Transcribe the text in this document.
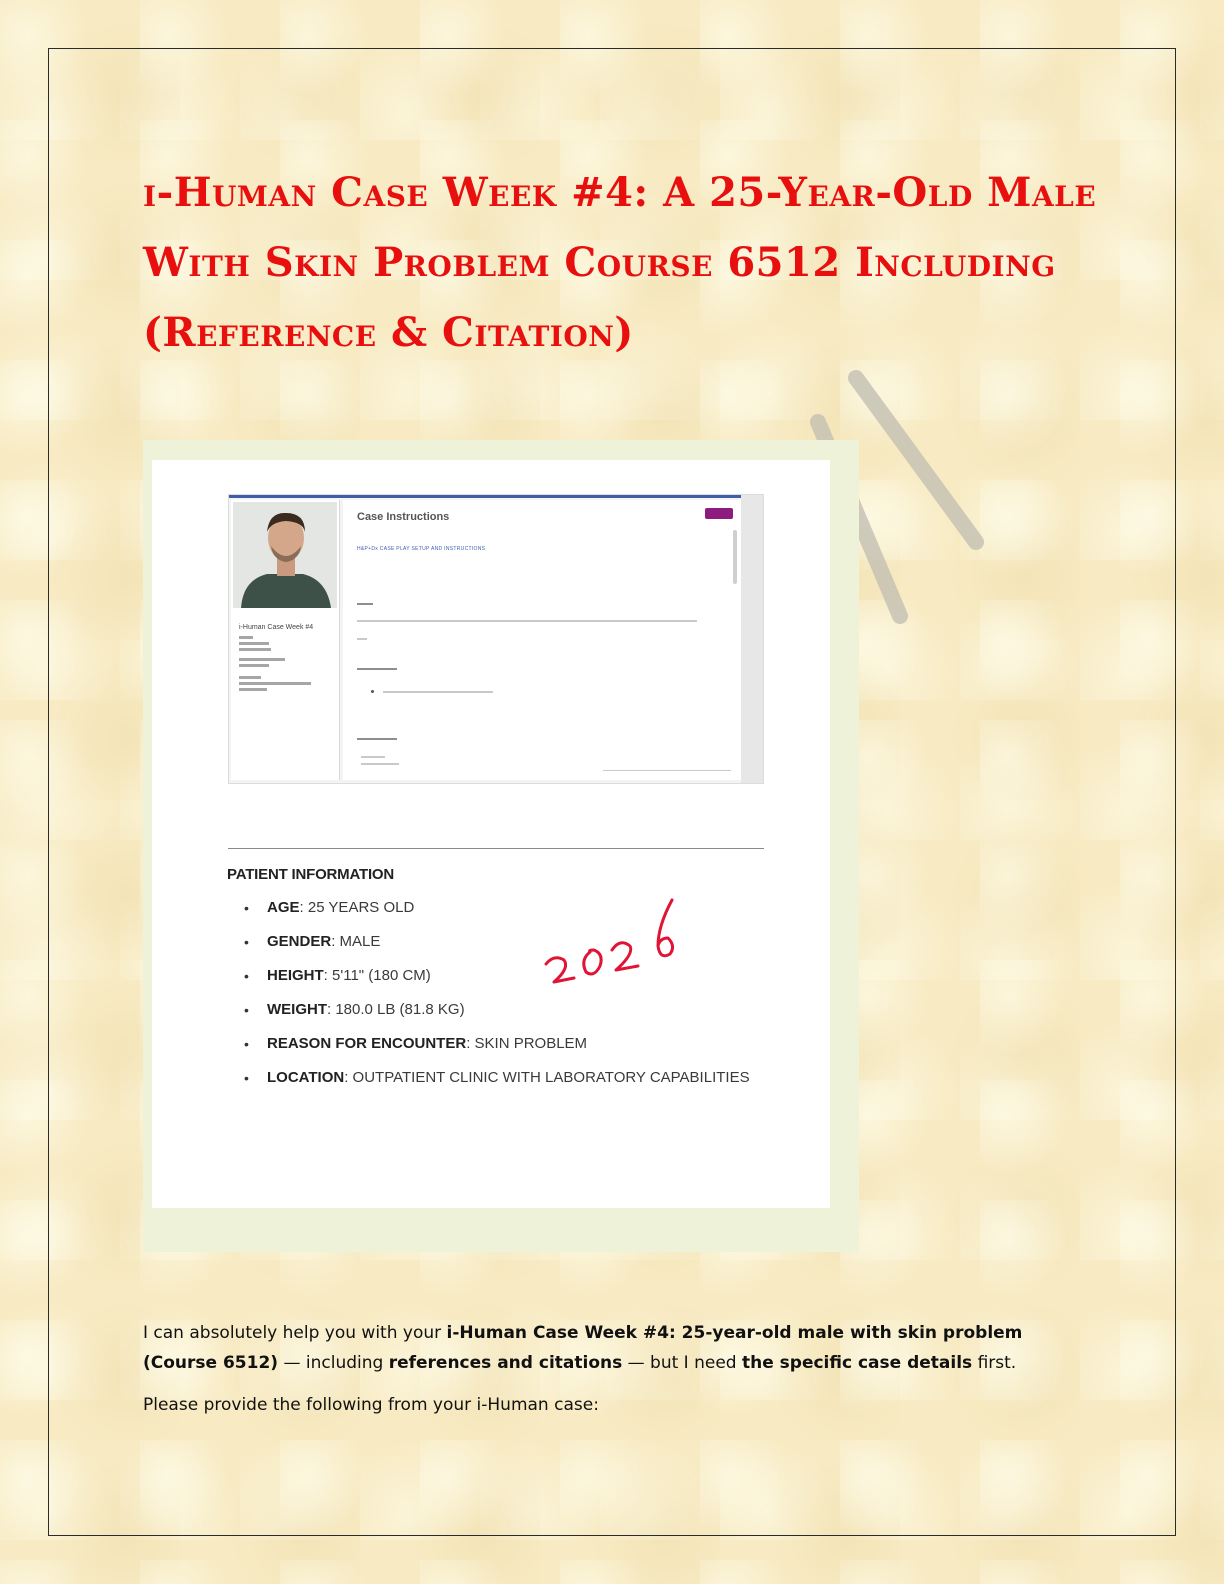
i-Human Case Week #4: A 25-Year-Old Male With Skin Problem Course 6512 Including (Reference & Citation)
i-Human Case Week #4
Case Instructions
H&P+Dx CASE PLAY SETUP AND INSTRUCTIONS
PATIENT INFORMATION
• AGE: 25 YEARS OLD
• GENDER: MALE
• HEIGHT: 5'11" (180 CM)
• WEIGHT: 180.0 LB (81.8 KG)
• REASON FOR ENCOUNTER: SKIN PROBLEM
• LOCATION: OUTPATIENT CLINIC WITH LABORATORY CAPABILITIES

I can absolutely help you with your i-Human Case Week #4: 25-year-old male with skin problem (Course 6512) — including references and citations — but I need the specific case details first.

Please provide the following from your i-Human case:
